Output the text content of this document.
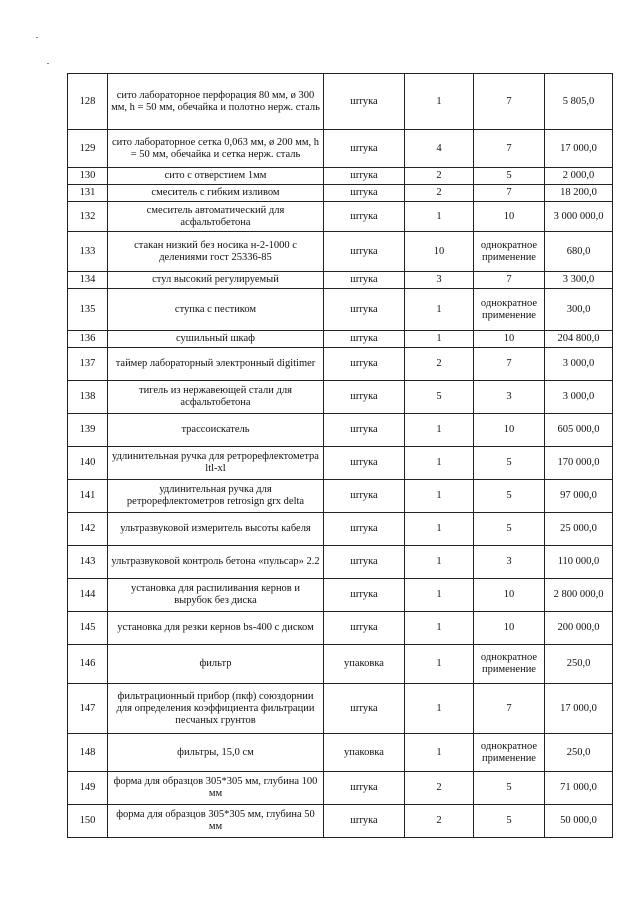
128	сито лабораторное перфорация 80 мм, ø 300 мм, h = 50 мм, обечайка и полотно нерж. сталь	штука	1	7	5 805,0
129	сито лабораторное сетка 0,063 мм, ø 200 мм, h = 50 мм, обечайка и сетка нерж. сталь	штука	4	7	17 000,0
130	сито с отверстием 1мм	штука	2	5	2 000,0
131	смеситель с гибким изливом	штука	2	7	18 200,0
132	смеситель автоматический для асфальтобетона	штука	1	10	3 000 000,0
133	стакан низкий без носика н-2-1000 с делениями гост 25336-85	штука	10	однократное применение	680,0
134	стул высокий регулируемый	штука	3	7	3 300,0
135	ступка с пестиком	штука	1	однократное применение	300,0
136	сушильный шкаф	штука	1	10	204 800,0
137	таймер лабораторный электронный digitimer	штука	2	7	3 000,0
138	тигель из нержавеющей стали для асфальтобетона	штука	5	3	3 000,0
139	трассоискатель	штука	1	10	605 000,0
140	удлинительная ручка для ретрорефлектометра ltl-xl	штука	1	5	170 000,0
141	удлинительная ручка для ретрорефлектометров retrosign grx delta	штука	1	5	97 000,0
142	ультразвуковой измеритель высоты кабеля	штука	1	5	25 000,0
143	ультразвуковой контроль бетона «пульсар» 2.2	штука	1	3	110 000,0
144	установка для распиливания кернов и вырубок без диска	штука	1	10	2 800 000,0
145	установка для резки кернов bs-400 с диском	штука	1	10	200 000,0
146	фильтр	упаковка	1	однократное применение	250,0
147	фильтрационный прибор (пкф) союздорнии для определения коэффициента фильтрации песчаных грунтов	штука	1	7	17 000,0
148	фильтры, 15,0 см	упаковка	1	однократное применение	250,0
149	форма для образцов 305*305 мм, глубина 100 мм	штука	2	5	71 000,0
150	форма для образцов 305*305 мм, глубина 50 мм	штука	2	5	50 000,0
